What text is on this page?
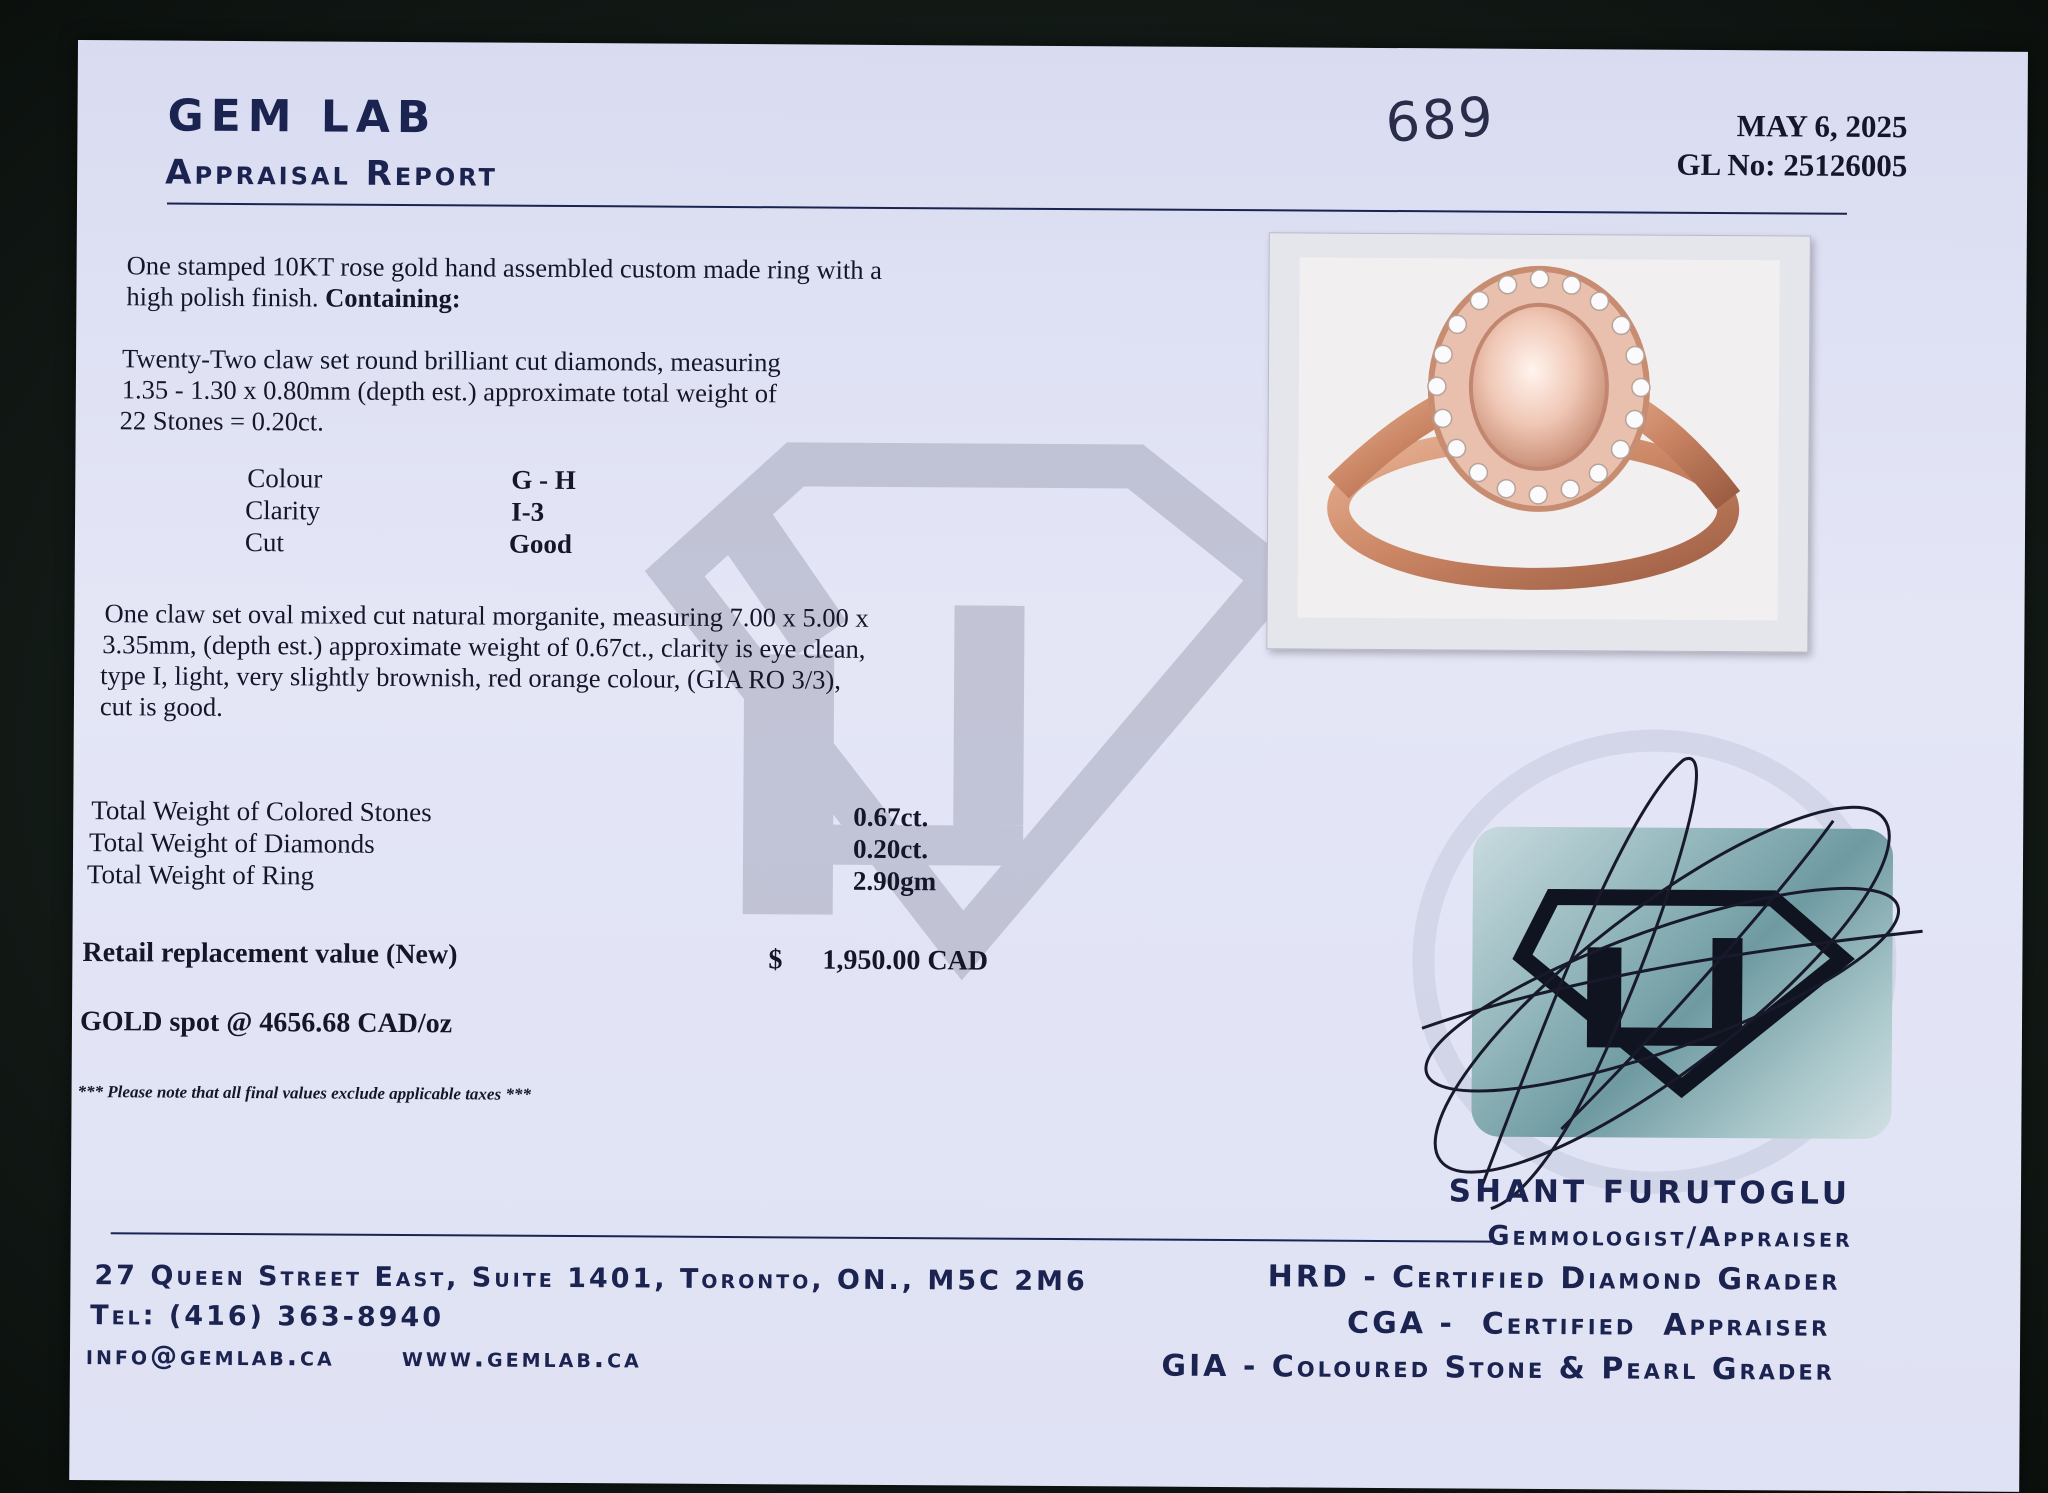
GEM LAB
Appraisal Report
689	MAY 6, 2025
GL No: 25126005
One stamped 10KT rose gold hand assembled custom made ring with a
high polish finish. Containing:
Twenty-Two claw set round brilliant cut diamonds, measuring
1.35 - 1.30 x 0.80mm (depth est.) approximate total weight of
22 Stones = 0.20ct.
Colour	G - H
Clarity	I-3
Cut	Good
One claw set oval mixed cut natural morganite, measuring 7.00 x 5.00 x
3.35mm, (depth est.) approximate weight of 0.67ct., clarity is eye clean,
type I, light, very slightly brownish, red orange colour, (GIA RO 3/3),
cut is good.
Total Weight of Colored Stones	0.67ct.
Total Weight of Diamonds	0.20ct.
Total Weight of Ring	2.90gm
Retail replacement value (New)	$ 1,950.00 CAD
GOLD spot @ 4656.68 CAD/oz
*** Please note that all final values exclude applicable taxes ***
SHANT FURUTOGLU
Gemmologist/Appraiser
27 Queen Street East, Suite 1401, Toronto, ON., M5C 2M6
Tel: (416) 363-8940
info@gemlab.ca www.gemlab.ca
HRD - Certified Diamond Grader
CGA -  Certified  Appraiser
GIA - Coloured Stone & Pearl Grader
